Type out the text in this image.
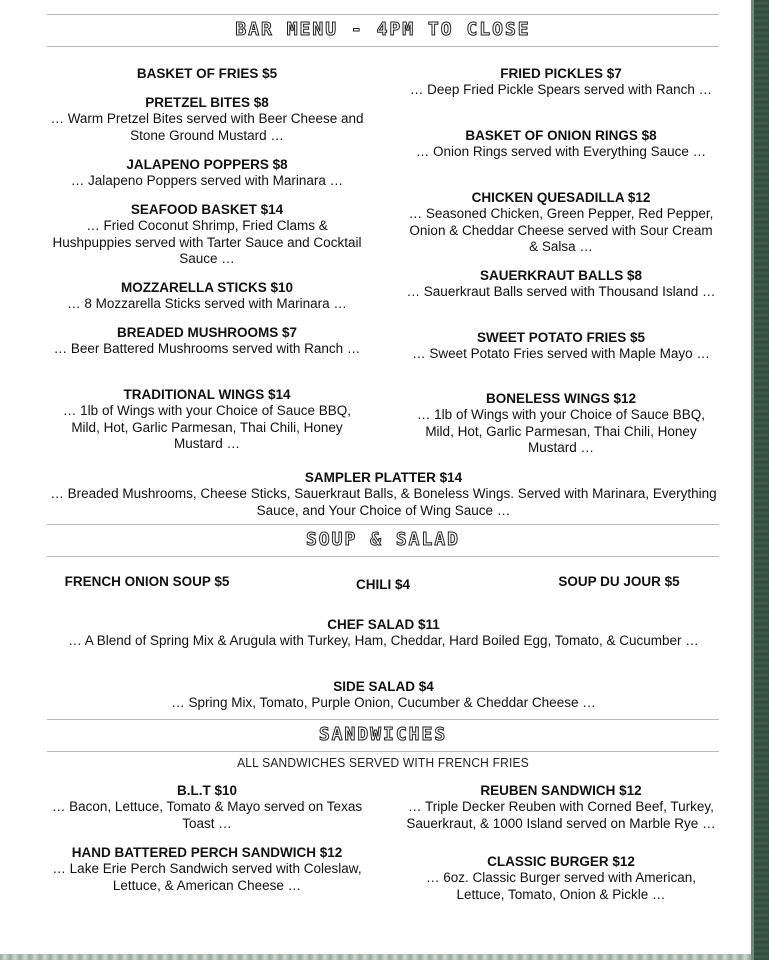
BAR MENU - 4PM TO CLOSE
BASKET OF FRIES $5
PRETZEL BITES $8
… Warm Pretzel Bites served with Beer Cheese and Stone Ground Mustard …
JALAPENO POPPERS $8
… Jalapeno Poppers served with Marinara …
SEAFOOD BASKET $14
… Fried Coconut Shrimp, Fried Clams & Hushpuppies served with Tarter Sauce and Cocktail Sauce …
MOZZARELLA STICKS $10
… 8 Mozzarella Sticks served with Marinara …
BREADED MUSHROOMS $7
… Beer Battered Mushrooms served with Ranch …
TRADITIONAL WINGS $14
… 1lb of Wings with your Choice of Sauce BBQ, Mild, Hot, Garlic Parmesan, Thai Chili, Honey Mustard …
FRIED PICKLES $7
… Deep Fried Pickle Spears served with Ranch …
BASKET OF ONION RINGS $8
… Onion Rings served with Everything Sauce …
CHICKEN QUESADILLA $12
… Seasoned Chicken, Green Pepper, Red Pepper, Onion & Cheddar Cheese served with Sour Cream & Salsa …
SAUERKRAUT BALLS $8
… Sauerkraut Balls served with Thousand Island …
SWEET POTATO FRIES $5
… Sweet Potato Fries served with Maple Mayo …
BONELESS WINGS $12
… 1lb of Wings with your Choice of Sauce BBQ, Mild, Hot, Garlic Parmesan, Thai Chili, Honey Mustard …
SAMPLER PLATTER $14
… Breaded Mushrooms, Cheese Sticks, Sauerkraut Balls, & Boneless Wings. Served with Marinara, Everything Sauce, and Your Choice of Wing Sauce …
SOUP & SALAD
FRENCH ONION SOUP $5	CHILI $4	SOUP DU JOUR $5
CHEF SALAD $11
… A Blend of Spring Mix & Arugula with Turkey, Ham, Cheddar, Hard Boiled Egg, Tomato, & Cucumber …
SIDE SALAD $4
… Spring Mix, Tomato, Purple Onion, Cucumber & Cheddar Cheese …
SANDWICHES
ALL SANDWICHES SERVED WITH FRENCH FRIES
B.L.T $10
… Bacon, Lettuce, Tomato & Mayo served on Texas Toast …
HAND BATTERED PERCH SANDWICH $12
… Lake Erie Perch Sandwich served with Coleslaw, Lettuce, & American Cheese …
REUBEN SANDWICH $12
… Triple Decker Reuben with Corned Beef, Turkey, Sauerkraut, & 1000 Island served on Marble Rye …
CLASSIC BURGER $12
… 6oz. Classic Burger served with American, Lettuce, Tomato, Onion & Pickle …
